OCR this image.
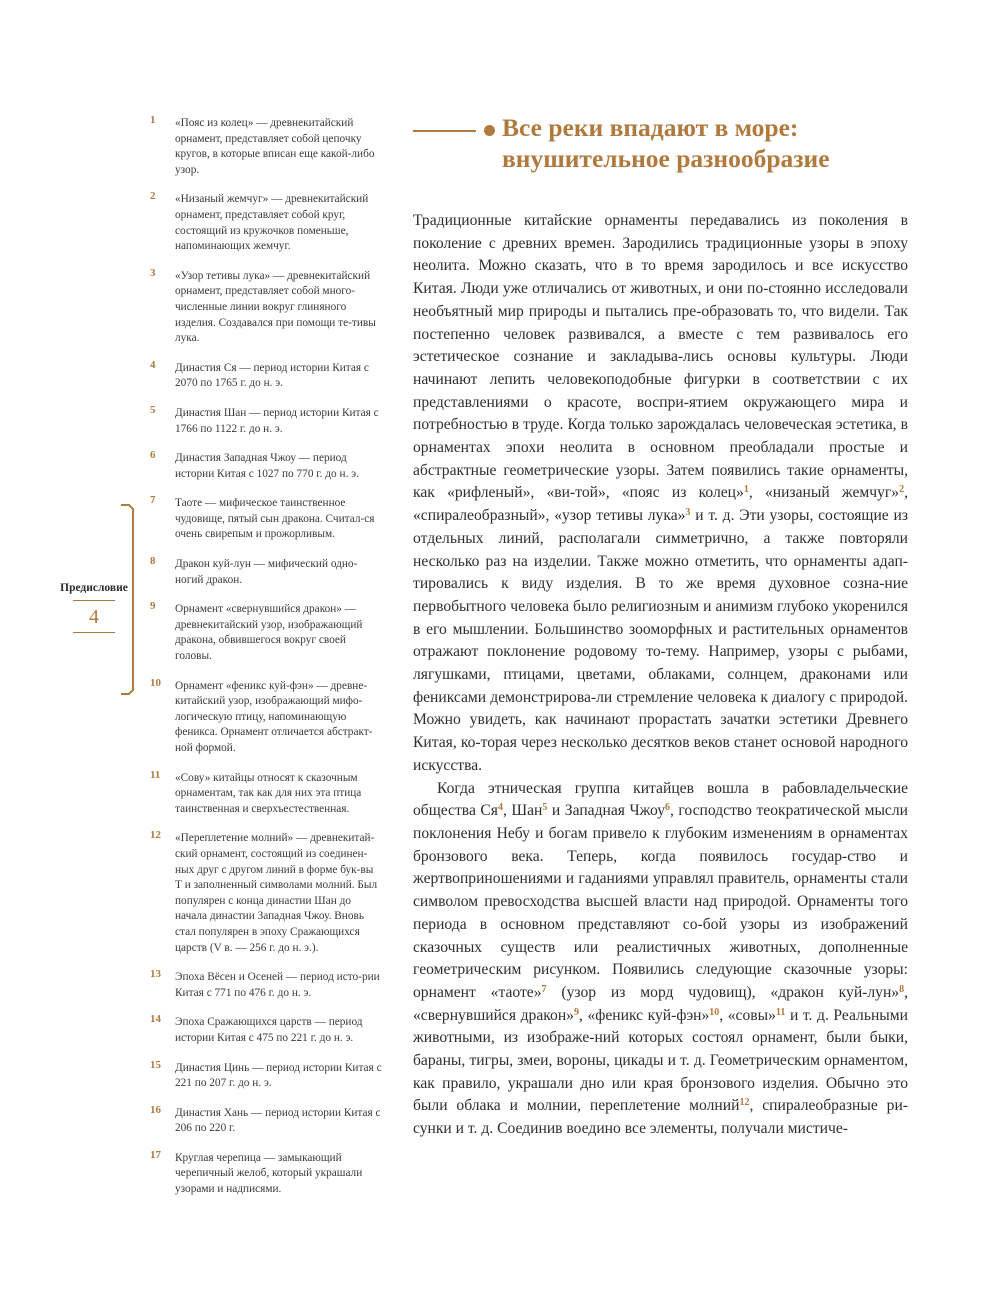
1 «Пояс из колец» — древнекитайский орнамент, представляет собой цепочку кругов, в которые вписан еще какой-либо узор.
2 «Низаный жемчуг» — древнекитайский орнамент, представляет собой круг, состоящий из кружочков поменьше, напоминающих жемчуг.
3 «Узор тетивы лука» — древнекитайский орнамент, представляет собой много-численные линии вокруг глиняного изделия. Создавался при помощи те-тивы лука.
4 Династия Ся — период истории Китая с 2070 по 1765 г. до н. э.
5 Династия Шан — период истории Китая с 1766 по 1122 г. до н. э.
6 Династия Западная Чжоу — период истории Китая с 1027 по 770 г. до н. э.
7 Таоте — мифическое таинственное чудовище, пятый сын дракона. Считал-ся очень свирепым и прожорливым.
8 Дракон куй-лун — мифический одно-ногий дракон.
9 Орнамент «свернувшийся дракон» — древнекитайский узор, изображающий дракона, обвившегося вокруг своей головы.
10 Орнамент «феникс куй-фэн» — древне-китайский узор, изображающий мифо-логическую птицу, напоминающую феникса. Орнамент отличается абстракт-ной формой.
11 «Сову» китайцы относят к сказочным орнаментам, так как для них эта птица таинственная и сверхъестественная.
12 «Переплетение молний» — древнекитай-ский орнамент, состоящий из соединен-ных друг с другом линий в форме бук-вы Т и заполненный символами молний. Был популярен с конца династии Шан до начала династии Западная Чжоу. Вновь стал популярен в эпоху Сражающихся царств (V в. — 256 г. до н. э.).
13 Эпоха Вёсен и Осеней — период исто-рии Китая с 771 по 476 г. до н. э.
14 Эпоха Сражающихся царств — период истории Китая с 475 по 221 г. до н. э.
15 Династия Цинь — период истории Китая с 221 по 207 г. до н. э.
16 Династия Хань — период истории Китая с 206 по 220 г.
17 Круглая черепица — замыкающий черепичный желоб, который украшали узорами и надписями.
Предисловие
4
Все реки впадают в море:
внушительное разнообразие

Традиционные китайские орнаменты передавались из поколения в поколение с древних времен. Зародились традиционные узоры в эпоху неолита. Можно сказать, что в то время зародилось и все искусство Китая. Люди уже отличались от животных, и они по-стоянно исследовали необъятный мир природы и пытались пре-образовать то, что видели. Так постепенно человек развивался, а вместе с тем развивалось его эстетическое сознание и закладыва-лись основы культуры. Люди начинают лепить человекоподобные фигурки в соответствии с их представлениями о красоте, воспри-ятием окружающего мира и потребностью в труде. Когда только зарождалась человеческая эстетика, в орнаментах эпохи неолита в основном преобладали простые и абстрактные геометрические узоры. Затем появились такие орнаменты, как «рифленый», «ви-той», «пояс из колец»$^1$, «низаный жемчуг»$^2$, «спиралеобразный», «узор тетивы лука»$^3$ и т. д. Эти узоры, состоящие из отдельных линий, располагали симметрично, а также повторяли несколько раз на изделии. Также можно отметить, что орнаменты адап-тировались к виду изделия. В то же время духовное созна-ние первобытного человека было религиозным и анимизм глубоко укоренился в его мышлении. Большинство зооморфных и растительных орнаментов отражают поклонение родовому то-тему. Например, узоры с рыбами, лягушками, птицами, цветами, облаками, солнцем, драконами или фениксами демонстрирова-ли стремление человека к диалогу с природой. Можно увидеть, как начинают прорастать зачатки эстетики Древнего Китая, ко-торая через несколько десятков веков станет основой народного искусства.

Когда этническая группа китайцев вошла в рабовладельческие общества Ся$^4$, Шан$^5$ и Западная Чжоу$^6$, господство теократической мысли поклонения Небу и богам привело к глубоким изменениям в орнаментах бронзового века. Теперь, когда появилось государ-ство и жертвоприношениями и гаданиями управлял правитель, орнаменты стали символом превосходства высшей власти над природой. Орнаменты того периода в основном представляют со-бой узоры из изображений сказочных существ или реалистичных животных, дополненные геометрическим рисунком. Появились следующие сказочные узоры: орнамент «таоте»$^7$ (узор из морд чудовищ), «дракон куй-лун»$^8$, «свернувшийся дракон»$^9$, «феникс куй-фэн»$^{10}$, «совы»$^{11}$ и т. д. Реальными животными, из изображе-ний которых состоял орнамент, были быки, бараны, тигры, змеи, вороны, цикады и т. д. Геометрическим орнаментом, как правило, украшали дно или края бронзового изделия. Обычно это были облака и молнии, переплетение молний$^{12}$, спиралеобразные ри-сунки и т. д. Соединив воедино все элементы, получали мистиче-
